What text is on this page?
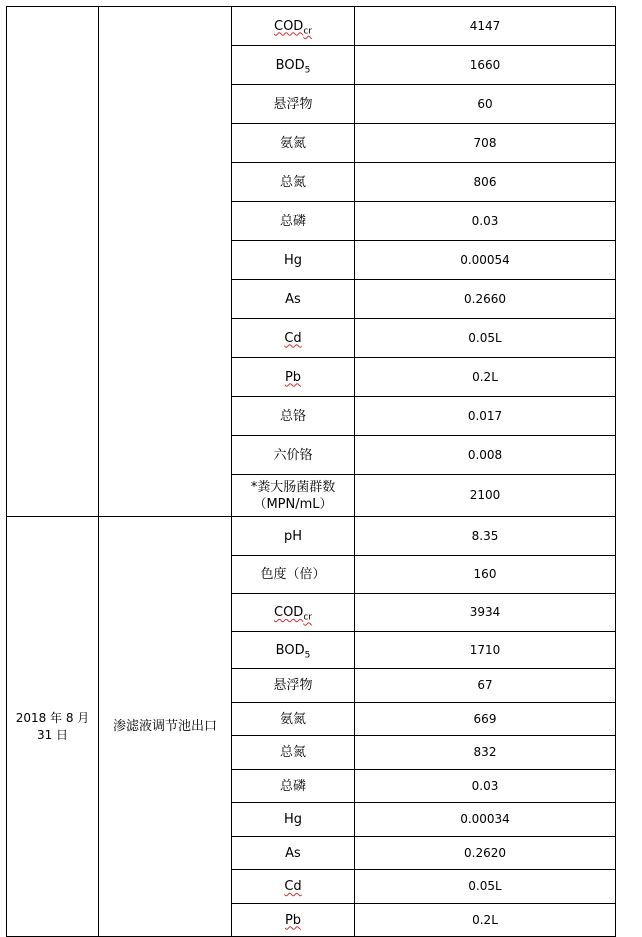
		$COD_{cr}$	4147
		$BOD_5$	1660
		悬浮物	60
		氨氮	708
		总氮	806
		总磷	0.03
		Hg	0.00054
		As	0.2660
		Cd	0.05L
		Pb	0.2L
		总铬	0.017
		六价铬	0.008
		*粪大肠菌群数
（MPN/mL）	2100
2018 年 8 月 31 日	渗滤液调节池出口	pH	8.35
		色度（倍）	160
		$COD_{cr}$	3934
		$BOD_5$	1710
		悬浮物	67
		氨氮	669
		总氮	832
		总磷	0.03
		Hg	0.00034
		As	0.2620
		Cd	0.05L
		Pb	0.2L
